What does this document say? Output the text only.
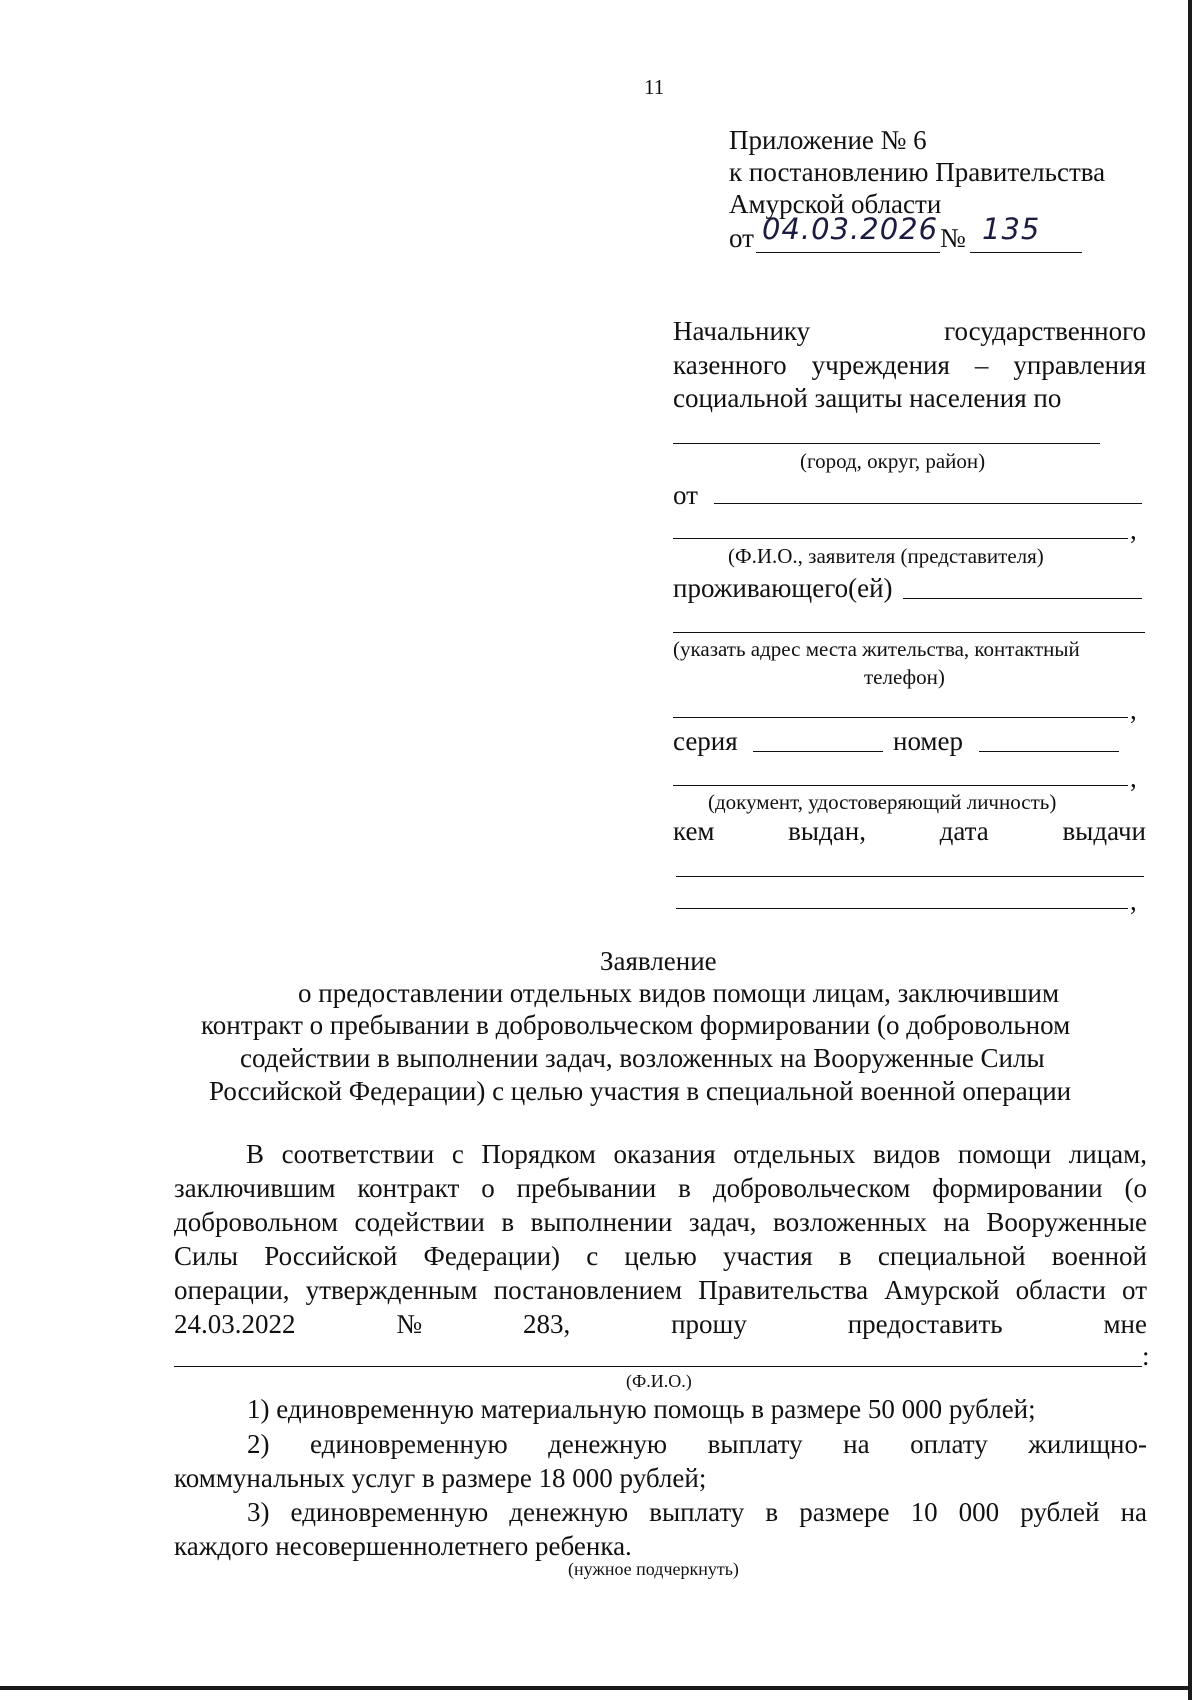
11
Приложение № 6
к постановлению Правительства
Амурской области
от 04.03.2026 № 135
Начальнику	государственного
казенного учреждения – управления
социальной защиты населения по
(город, округ, район)
от
,
(Ф.И.О., заявителя (представителя)
проживающего(ей)
(указать адрес места жительства, контактный
телефон)
,
серия	номер
,
(документ, удостоверяющий личность)
кем	выдан,	дата	выдачи
,
Заявление
о предоставлении отдельных видов помощи лицам, заключившим
контракт о пребывании в добровольческом формировании (о добровольном
содействии в выполнении задач, возложенных на Вооруженные Силы
Российской Федерации) с целью участия в специальной военной операции
В соответствии с Порядком оказания отдельных видов помощи лицам,
заключившим контракт о пребывании в добровольческом формировании (о
добровольном содействии в выполнении задач, возложенных на Вооруженные
Силы Российской Федерации) с целью участия в специальной военной
операции, утвержденным постановлением Правительства Амурской области от
24.03.2022	№	283,	прошу	предоставить	мне
:
(Ф.И.О.)
1) единовременную материальную помощь в размере 50 000 рублей;
2) единовременную денежную выплату на оплату жилищно-
коммунальных услуг в размере 18 000 рублей;
3) единовременную денежную выплату в размере 10 000 рублей на
каждого несовершеннолетнего ребенка.
(нужное подчеркнуть)
